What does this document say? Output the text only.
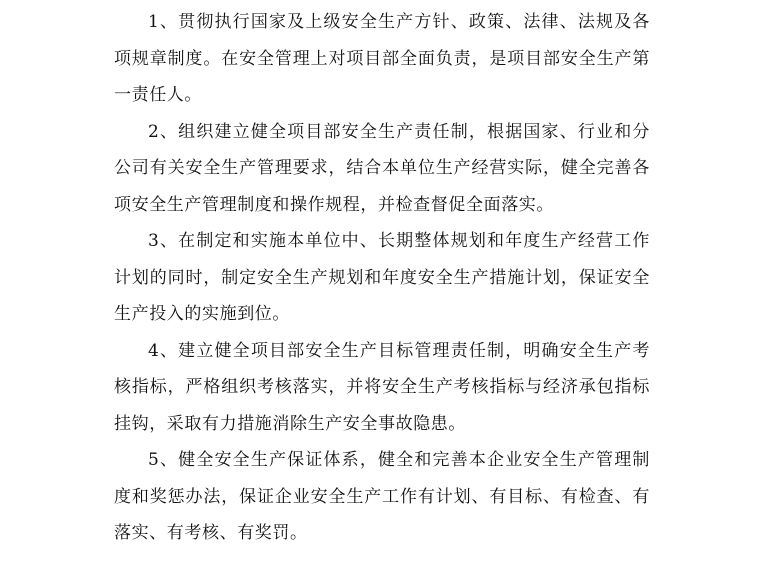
1、贯彻执行国家及上级安全生产方针、政策、法律、法规及各项规章制度。在安全管理上对项目部全面负责，是项目部安全生产第一责任人。

2、组织建立健全项目部安全生产责任制，根据国家、行业和分公司有关安全生产管理要求，结合本单位生产经营实际，健全完善各项安全生产管理制度和操作规程，并检查督促全面落实。

3、在制定和实施本单位中、长期整体规划和年度生产经营工作计划的同时，制定安全生产规划和年度安全生产措施计划，保证安全生产投入的实施到位。

4、建立健全项目部安全生产目标管理责任制，明确安全生产考核指标，严格组织考核落实，并将安全生产考核指标与经济承包指标挂钩，采取有力措施消除生产安全事故隐患。

5、健全安全生产保证体系，健全和完善本企业安全生产管理制度和奖惩办法，保证企业安全生产工作有计划、有目标、有检查、有落实、有考核、有奖罚。
